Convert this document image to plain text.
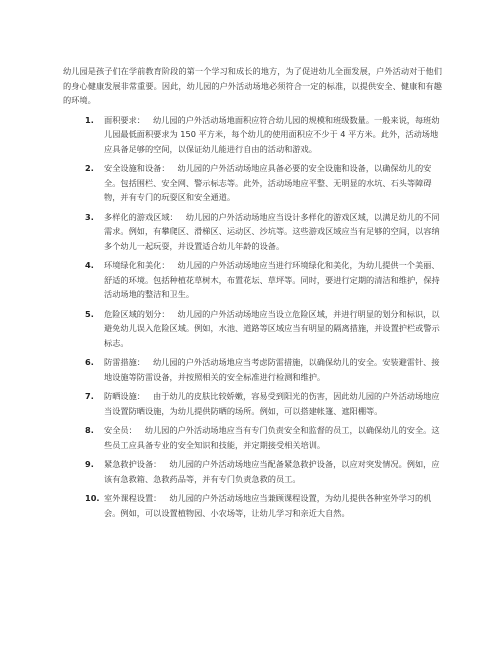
幼儿园是孩子们在学前教育阶段的第一个学习和成长的地方，为了促进幼儿全面发展，户外活动对于他们的身心健康发展非常重要。因此，幼儿园的户外活动场地必须符合一定的标准，以提供安全、健康和有趣的环境。

1. 面积要求： 幼儿园的户外活动场地面积应符合幼儿园的规模和班级数量。一般来说，每班幼儿园最低面积要求为 150 平方米，每个幼儿的使用面积应不少于 4 平方米。此外，活动场地应具备足够的空间，以保证幼儿能进行自由的活动和游戏。
2. 安全设施和设备： 幼儿园的户外活动场地应具备必要的安全设施和设备，以确保幼儿的安全。包括围栏、安全网、警示标志等。此外，活动场地应平整、无明显的水坑、石头等障碍物，并有专门的玩耍区和安全通道。
3. 多样化的游戏区域： 幼儿园的户外活动场地应当设计多样化的游戏区域，以满足幼儿的不同需求。例如，有攀爬区、滑梯区、运动区、沙坑等。这些游戏区域应当有足够的空间，以容纳多个幼儿一起玩耍，并设置适合幼儿年龄的设备。
4. 环境绿化和美化： 幼儿园的户外活动场地应当进行环境绿化和美化，为幼儿提供一个美丽、舒适的环境。包括种植花草树木，布置花坛、草坪等。同时，要进行定期的清洁和维护，保持活动场地的整洁和卫生。
5. 危险区域的划分： 幼儿园的户外活动场地应当设立危险区域，并进行明显的划分和标识，以避免幼儿误入危险区域。例如，水池、道路等区域应当有明显的隔离措施，并设置护栏或警示标志。
6. 防雷措施： 幼儿园的户外活动场地应当考虑防雷措施，以确保幼儿的安全。安装避雷针、接地设施等防雷设备，并按照相关的安全标准进行检测和维护。
7. 防晒设施： 由于幼儿的皮肤比较娇嫩，容易受到阳光的伤害，因此幼儿园的户外活动场地应当设置防晒设施，为幼儿提供防晒的场所。例如，可以搭建帐篷、遮阳棚等。
8. 安全员： 幼儿园的户外活动场地应当有专门负责安全和监督的员工，以确保幼儿的安全。这些员工应具备专业的安全知识和技能，并定期接受相关培训。
9. 紧急救护设备： 幼儿园的户外活动场地应当配备紧急救护设备，以应对突发情况。例如，应该有急救箱、急救药品等，并有专门负责急救的员工。
10. 室外课程设置： 幼儿园的户外活动场地应当兼顾课程设置，为幼儿提供各种室外学习的机会。例如，可以设置植物园、小农场等，让幼儿学习和亲近大自然。
